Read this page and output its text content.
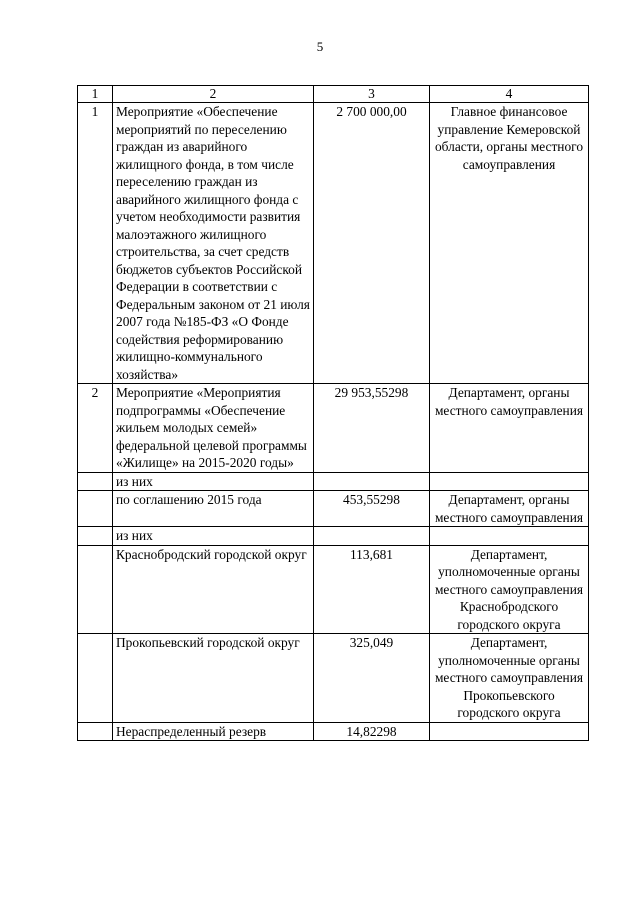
5
1	2	3	4
1	Мероприятие «Обеспечение мероприятий по переселению граждан из аварийного жилищного фонда, в том числе переселению граждан из аварийного жилищного фонда с учетом необходимости развития малоэтажного жилищного строительства, за счет средств бюджетов субъектов Российской Федерации в соответствии с Федеральным законом от 21 июля 2007 года №185-ФЗ «О Фонде содействия реформированию жилищно-коммунального хозяйства»	2 700 000,00	Главное финансовое управление Кемеровской области, органы местного самоуправления
2	Мероприятие «Мероприятия подпрограммы «Обеспечение жильем молодых семей» федеральной целевой программы «Жилище» на 2015-2020 годы»	29 953,55298	Департамент, органы местного самоуправления
	из них		
	по соглашению 2015 года	453,55298	Департамент, органы местного самоуправления
	из них		
	Краснобродский городской округ	113,681	Департамент, уполномоченные органы местного самоуправления Краснобродского городского округа
	Прокопьевский городской округ	325,049	Департамент, уполномоченные органы местного самоуправления Прокопьевского городского округа
	Нераспределенный резерв	14,82298	
